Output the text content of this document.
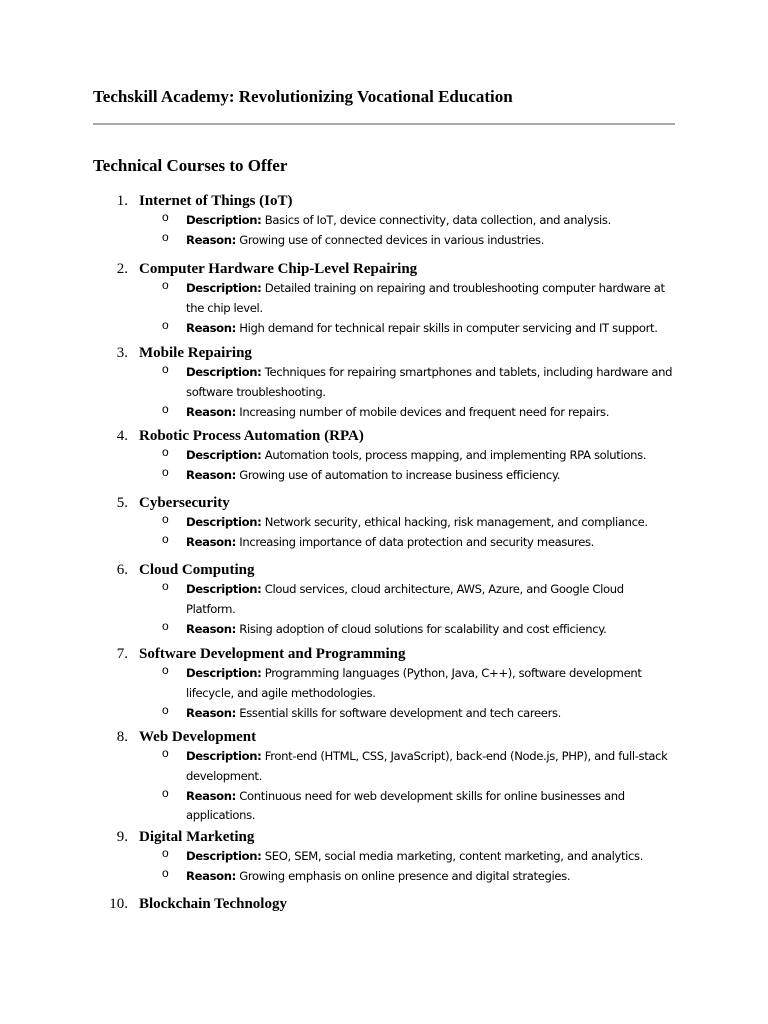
Techskill Academy: Revolutionizing Vocational Education
Technical Courses to Offer
1. Internet of Things (IoT)
o Description: Basics of IoT, device connectivity, data collection, and analysis.
o Reason: Growing use of connected devices in various industries.
2. Computer Hardware Chip-Level Repairing
o Description: Detailed training on repairing and troubleshooting computer hardware at the chip level.
o Reason: High demand for technical repair skills in computer servicing and IT support.
3. Mobile Repairing
o Description: Techniques for repairing smartphones and tablets, including hardware and software troubleshooting.
o Reason: Increasing number of mobile devices and frequent need for repairs.
4. Robotic Process Automation (RPA)
o Description: Automation tools, process mapping, and implementing RPA solutions.
o Reason: Growing use of automation to increase business efficiency.
5. Cybersecurity
o Description: Network security, ethical hacking, risk management, and compliance.
o Reason: Increasing importance of data protection and security measures.
6. Cloud Computing
o Description: Cloud services, cloud architecture, AWS, Azure, and Google Cloud Platform.
o Reason: Rising adoption of cloud solutions for scalability and cost efficiency.
7. Software Development and Programming
o Description: Programming languages (Python, Java, C++), software development lifecycle, and agile methodologies.
o Reason: Essential skills for software development and tech careers.
8. Web Development
o Description: Front-end (HTML, CSS, JavaScript), back-end (Node.js, PHP), and full-stack development.
o Reason: Continuous need for web development skills for online businesses and applications.
9. Digital Marketing
o Description: SEO, SEM, social media marketing, content marketing, and analytics.
o Reason: Growing emphasis on online presence and digital strategies.
10. Blockchain Technology
